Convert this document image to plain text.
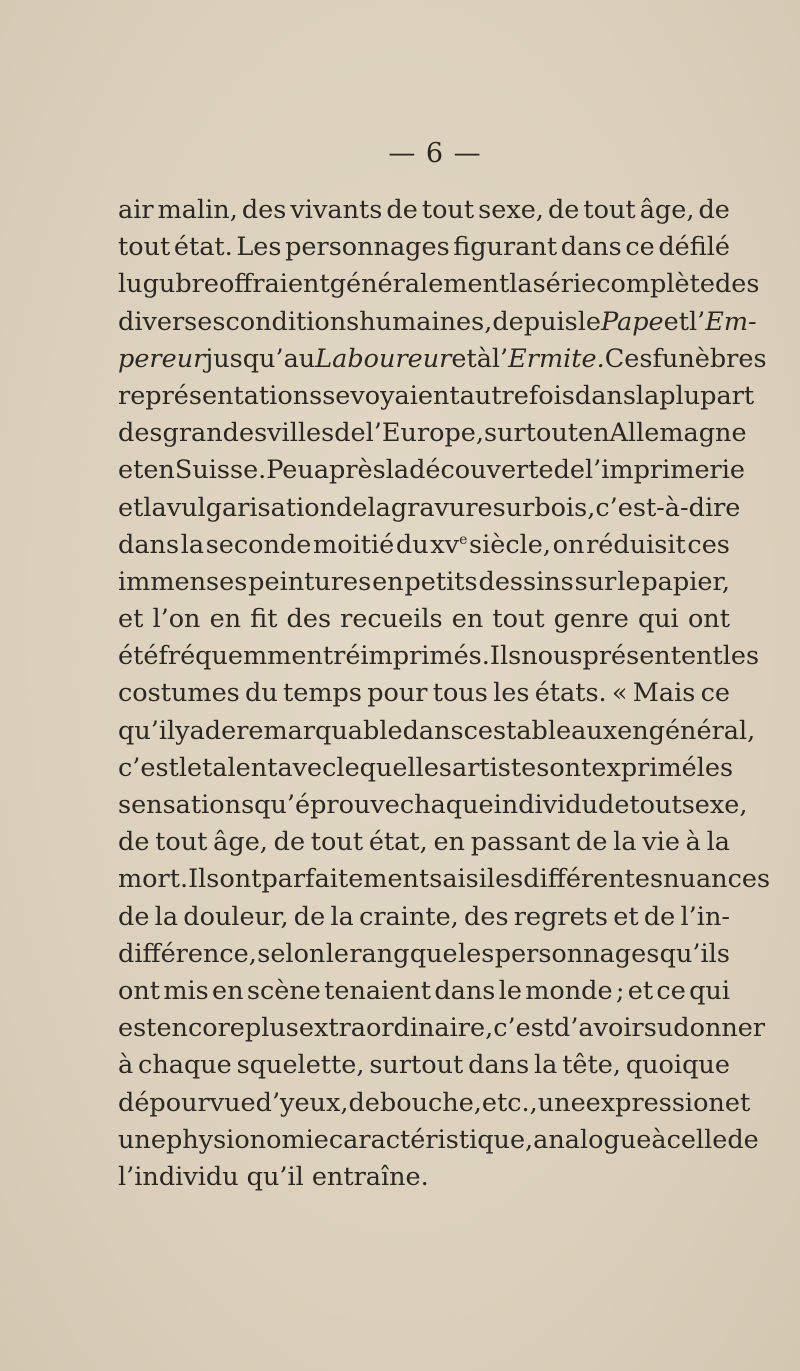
— 6 —
air malin, des vivants de tout sexe, de tout âge, de
tout état. Les personnages figurant dans ce défilé
lugubre offraient généralement la série complète des
diverses conditions humaines, depuis le Pape et l’Em-
pereur jusqu’au Laboureur et à l’Ermite. Ces funèbres
représentations se voyaient autrefois dans la plupart
des grandes villes de l’Europe, surtout en Allemagne
et en Suisse. Peu après la découverte de l’imprimerie
et la vulgarisation de la gravure sur bois, c’est-à-dire
dans la seconde moitié du $xv^e$ siècle, on réduisit ces
immenses peintures en petits dessins sur le papier,
et l’on en fit des recueils en tout genre qui ont
été fréquemment réimprimés. Ils nous présentent les
costumes du temps pour tous les états. « Mais ce
qu’il y a de remarquable dans ces tableaux en général,
c’est le talent avec lequel les artistes ont exprimé les
sensations qu’éprouve chaque individu de tout sexe,
de tout âge, de tout état, en passant de la vie à la
mort. Ils ont parfaitement saisi les différentes nuances
de la douleur, de la crainte, des regrets et de l’in-
différence, selon le rang que les personnages qu’ils
ont mis en scène tenaient dans le monde ; et ce qui
est encore plus extraordinaire, c’est d’avoir su donner
à chaque squelette, surtout dans la tête, quoique
dépourvue d’yeux, de bouche, etc., une expression et
une physionomie caractéristique, analogue à celle de
l’individu qu’il entraîne.
